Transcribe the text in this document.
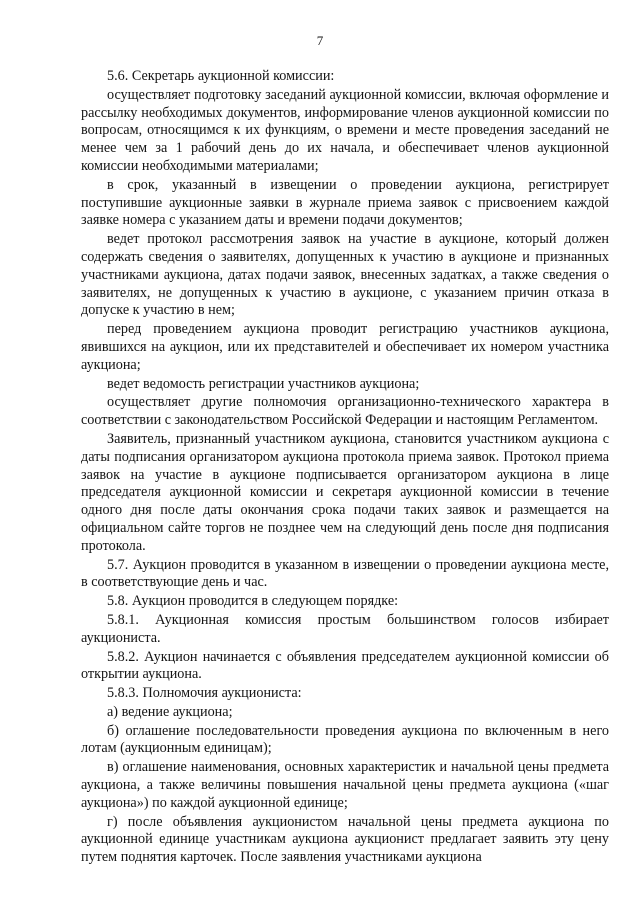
7

5.6. Секретарь аукционной комиссии:

осуществляет подготовку заседаний аукционной комиссии, включая оформление и рассылку необходимых документов, информирование членов аукционной комиссии по вопросам, относящимся к их функциям, о времени и месте проведения заседаний не менее чем за 1 рабочий день до их начала, и обеспечивает членов аукционной комиссии необходимыми материалами;

в срок, указанный в извещении о проведении аукциона, регистрирует поступившие аукционные заявки в журнале приема заявок с присвоением каждой заявке номера с указанием даты и времени подачи документов;

ведет протокол рассмотрения заявок на участие в аукционе, который должен содержать сведения о заявителях, допущенных к участию в аукционе и признанных участниками аукциона, датах подачи заявок, внесенных задатках, а также сведения о заявителях, не допущенных к участию в аукционе, с указанием причин отказа в допуске к участию в нем;

перед проведением аукциона проводит регистрацию участников аукциона, явившихся на аукцион, или их представителей и обеспечивает их номером участника аукциона;

ведет ведомость регистрации участников аукциона;

осуществляет другие полномочия организационно-технического характера в соответствии с законодательством Российской Федерации и настоящим Регламентом.

Заявитель, признанный участником аукциона, становится участником аукциона с даты подписания организатором аукциона протокола приема заявок. Протокол приема заявок на участие в аукционе подписывается организатором аукциона в лице председателя аукционной комиссии и секретаря аукционной комиссии в течение одного дня после даты окончания срока подачи таких заявок и размещается на официальном сайте торгов не позднее чем на следующий день после дня подписания протокола.

5.7. Аукцион проводится в указанном в извещении о проведении аукциона месте, в соответствующие день и час.

5.8. Аукцион проводится в следующем порядке:

5.8.1. Аукционная комиссия простым большинством голосов избирает аукциониста.

5.8.2. Аукцион начинается с объявления председателем аукционной комиссии об открытии аукциона.

5.8.3. Полномочия аукциониста:

а) ведение аукциона;

б) оглашение последовательности проведения аукциона по включенным в него лотам (аукционным единицам);

в) оглашение наименования, основных характеристик и начальной цены предмета аукциона, а также величины повышения начальной цены предмета аукциона («шаг аукциона») по каждой аукционной единице;

г) после объявления аукционистом начальной цены предмета аукциона по аукционной единице участникам аукциона аукционист предлагает заявить эту цену путем поднятия карточек. После заявления участниками аукциона
